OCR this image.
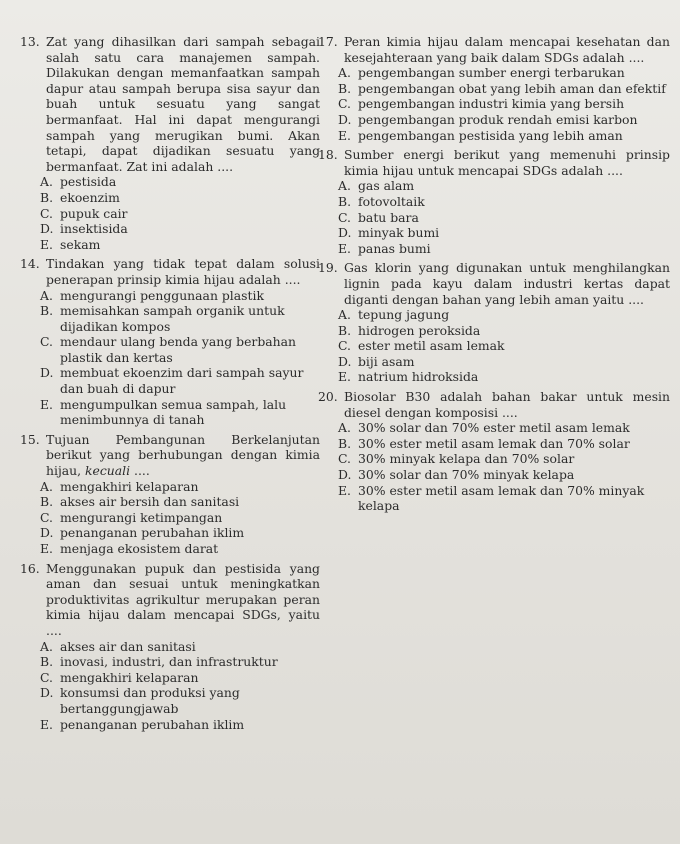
13. Zat yang dihasilkan dari sampah sebagai salah satu cara manajemen sampah. Dilakukan dengan memanfaatkan sampah dapur atau sampah berupa sisa sayur dan buah untuk sesuatu yang sangat bermanfaat. Hal ini dapat mengurangi sampah yang merugikan bumi. Akan tetapi, dapat dijadikan sesuatu yang bermanfaat. Zat ini adalah ....
A. pestisida
B. ekoenzim
C. pupuk cair
D. insektisida
E. sekam
14. Tindakan yang tidak tepat dalam solusi penerapan prinsip kimia hijau adalah ....
A. mengurangi penggunaan plastik
B. memisahkan sampah organik untuk dijadikan kompos
C. mendaur ulang benda yang berbahan plastik dan kertas
D. membuat ekoenzim dari sampah sayur dan buah di dapur
E. mengumpulkan semua sampah, lalu menimbunnya di tanah
15. Tujuan Pembangunan Berkelanjutan berikut yang berhubungan dengan kimia hijau, kecuali ....
A. mengakhiri kelaparan
B. akses air bersih dan sanitasi
C. mengurangi ketimpangan
D. penanganan perubahan iklim
E. menjaga ekosistem darat
16. Menggunakan pupuk dan pestisida yang aman dan sesuai untuk meningkatkan produktivitas agrikultur merupakan peran kimia hijau dalam mencapai SDGs, yaitu ....
A. akses air dan sanitasi
B. inovasi, industri, dan infrastruktur
C. mengakhiri kelaparan
D. konsumsi dan produksi yang bertanggungjawab
E. penanganan perubahan iklim
17. Peran kimia hijau dalam mencapai kesehatan dan kesejahteraan yang baik dalam SDGs adalah ....
A. pengembangan sumber energi terbarukan
B. pengembangan obat yang lebih aman dan efektif
C. pengembangan industri kimia yang bersih
D. pengembangan produk rendah emisi karbon
E. pengembangan pestisida yang lebih aman
18. Sumber energi berikut yang memenuhi prinsip kimia hijau untuk mencapai SDGs adalah ....
A. gas alam
B. fotovoltaik
C. batu bara
D. minyak bumi
E. panas bumi
19. Gas klorin yang digunakan untuk menghilangkan lignin pada kayu dalam industri kertas dapat diganti dengan bahan yang lebih aman yaitu ....
A. tepung jagung
B. hidrogen peroksida
C. ester metil asam lemak
D. biji asam
E. natrium hidroksida
20. Biosolar B30 adalah bahan bakar untuk mesin diesel dengan komposisi ....
A. 30% solar dan 70% ester metil asam lemak
B. 30% ester metil asam lemak dan 70% solar
C. 30% minyak kelapa dan 70% solar
D. 30% solar dan 70% minyak kelapa
E. 30% ester metil asam lemak dan 70% minyak kelapa
